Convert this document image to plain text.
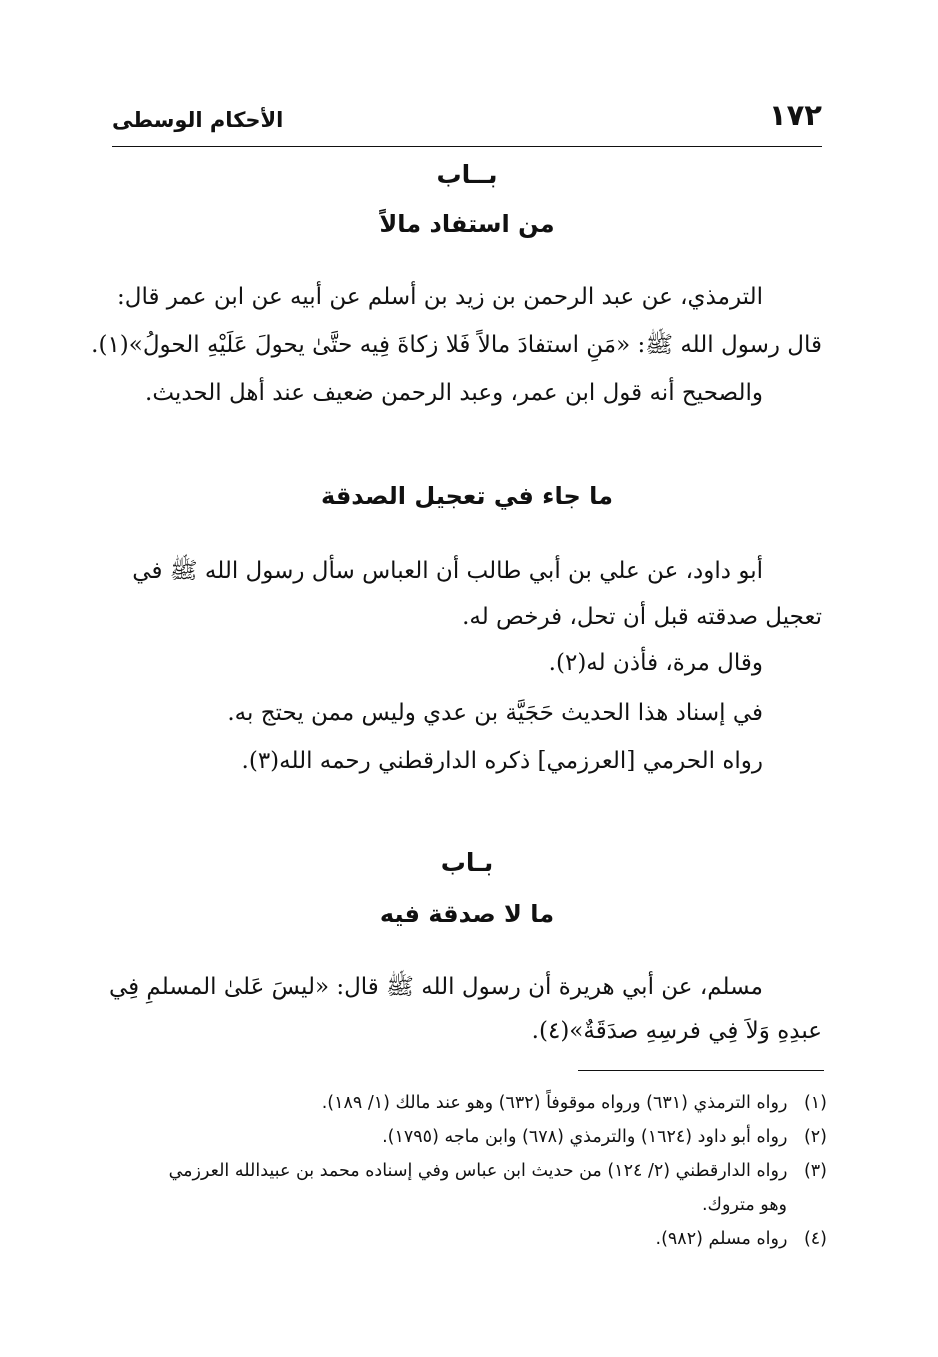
١٧٢
الأحكام الوسطى
بــاب
من استفاد مالاً
الترمذي، عن عبد الرحمن بن زيد بن أسلم عن أبيه عن ابن عمر قال:
قال رسول الله ﷺ: «مَنِ استفادَ مالاً فَلا زكاةَ فِيه حتَّىٰ يحولَ عَلَيْهِ الحولُ»(١).
والصحيح أنه قول ابن عمر، وعبد الرحمن ضعيف عند أهل الحديث.
ما جاء في تعجيل الصدقة
أبو داود، عن علي بن أبي طالب أن العباس سأل رسول الله ﷺ في
تعجيل صدقته قبل أن تحل، فرخص له.
وقال مرة، فأذن له(٢).
في إسناد هذا الحديث حَجَيَّة بن عدي وليس ممن يحتج به.
رواه الحرمي [العرزمي] ذكره الدارقطني رحمه الله(٣).
بـاب
ما لا صدقة فيه
مسلم، عن أبي هريرة أن رسول الله ﷺ قال: «ليسَ عَلىٰ المسلمِ فِي
عبدِهِ وَلاَ فِي فرسِهِ صدَقَةٌ»(٤).
(١) رواه الترمذي (٦٣١) ورواه موقوفاً (٦٣٢) وهو عند مالك (١/ ١٨٩).
(٢) رواه أبو داود (١٦٢٤) والترمذي (٦٧٨) وابن ماجه (١٧٩٥).
(٣) رواه الدارقطني (٢/ ١٢٤) من حديث ابن عباس وفي إسناده محمد بن عبيدالله العرزمي
وهو متروك.
(٤) رواه مسلم (٩٨٢).
